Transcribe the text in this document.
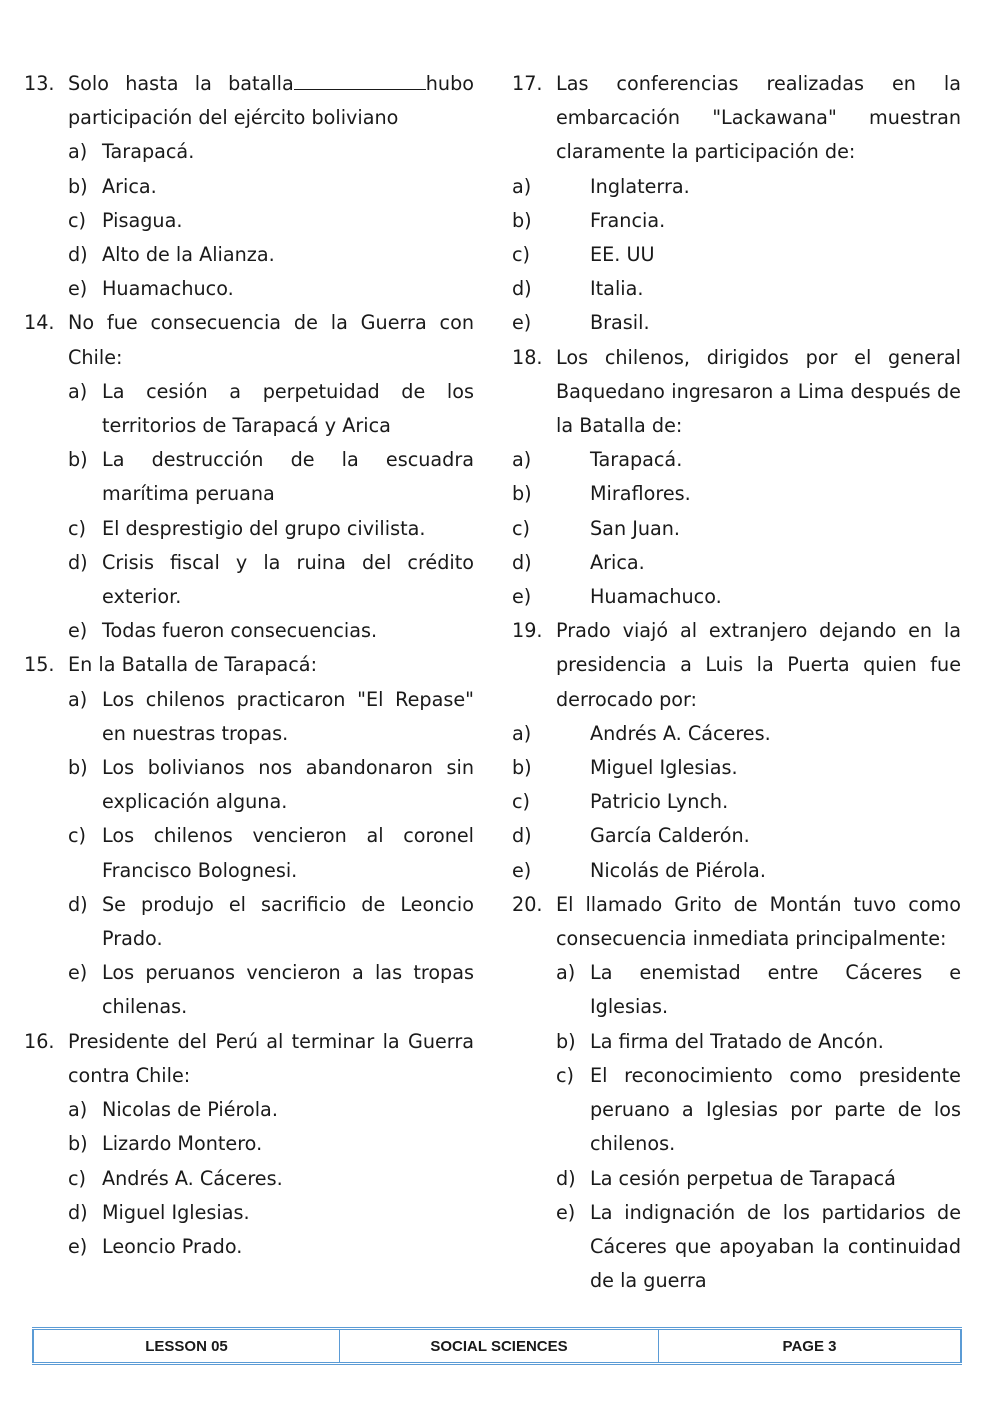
13. Solo hasta la batalla	hubo
participación del ejército boliviano
a) Tarapacá.
b) Arica.
c) Pisagua.
d) Alto de la Alianza.
e) Huamachuco.
14. No fue consecuencia de la Guerra con
Chile:
a) La cesión a perpetuidad de los
territorios de Tarapacá y Arica
b) La destrucción de la escuadra
marítima peruana
c) El desprestigio del grupo civilista.
d) Crisis fiscal y la ruina del crédito
exterior.
e) Todas fueron consecuencias.
15. En la Batalla de Tarapacá:
a) Los chilenos practicaron "El Repase"
en nuestras tropas.
b) Los bolivianos nos abandonaron sin
explicación alguna.
c) Los chilenos vencieron al coronel
Francisco Bolognesi.
d) Se produjo el sacrificio de Leoncio
Prado.
e) Los peruanos vencieron a las tropas
chilenas.
16. Presidente del Perú al terminar la Guerra
contra Chile:
a) Nicolas de Piérola.
b) Lizardo Montero.
c) Andrés A. Cáceres.
d) Miguel Iglesias.
e) Leoncio Prado.
17. Las conferencias realizadas en la
embarcación "Lackawana" muestran
claramente la participación de:
a)	Inglaterra.
b)	Francia.
c)	EE. UU
d)	Italia.
e)	Brasil.
18. Los chilenos, dirigidos por el general
Baquedano ingresaron a Lima después de
la Batalla de:
a)	Tarapacá.
b)	Miraflores.
c)	San Juan.
d)	Arica.
e)	Huamachuco.
19. Prado viajó al extranjero dejando en la
presidencia a Luis la Puerta quien fue
derrocado por:
a)	Andrés A. Cáceres.
b)	Miguel Iglesias.
c)	Patricio Lynch.
d)	García Calderón.
e)	Nicolás de Piérola.
20. El llamado Grito de Montán tuvo como
consecuencia inmediata principalmente:
a) La enemistad entre Cáceres e
Iglesias.
b) La firma del Tratado de Ancón.
c) El reconocimiento como presidente
peruano a Iglesias por parte de los
chilenos.
d) La cesión perpetua de Tarapacá
e) La indignación de los partidarios de
Cáceres que apoyaban la continuidad
de la guerra
LESSON 05	SOCIAL SCIENCES	PAGE 3
